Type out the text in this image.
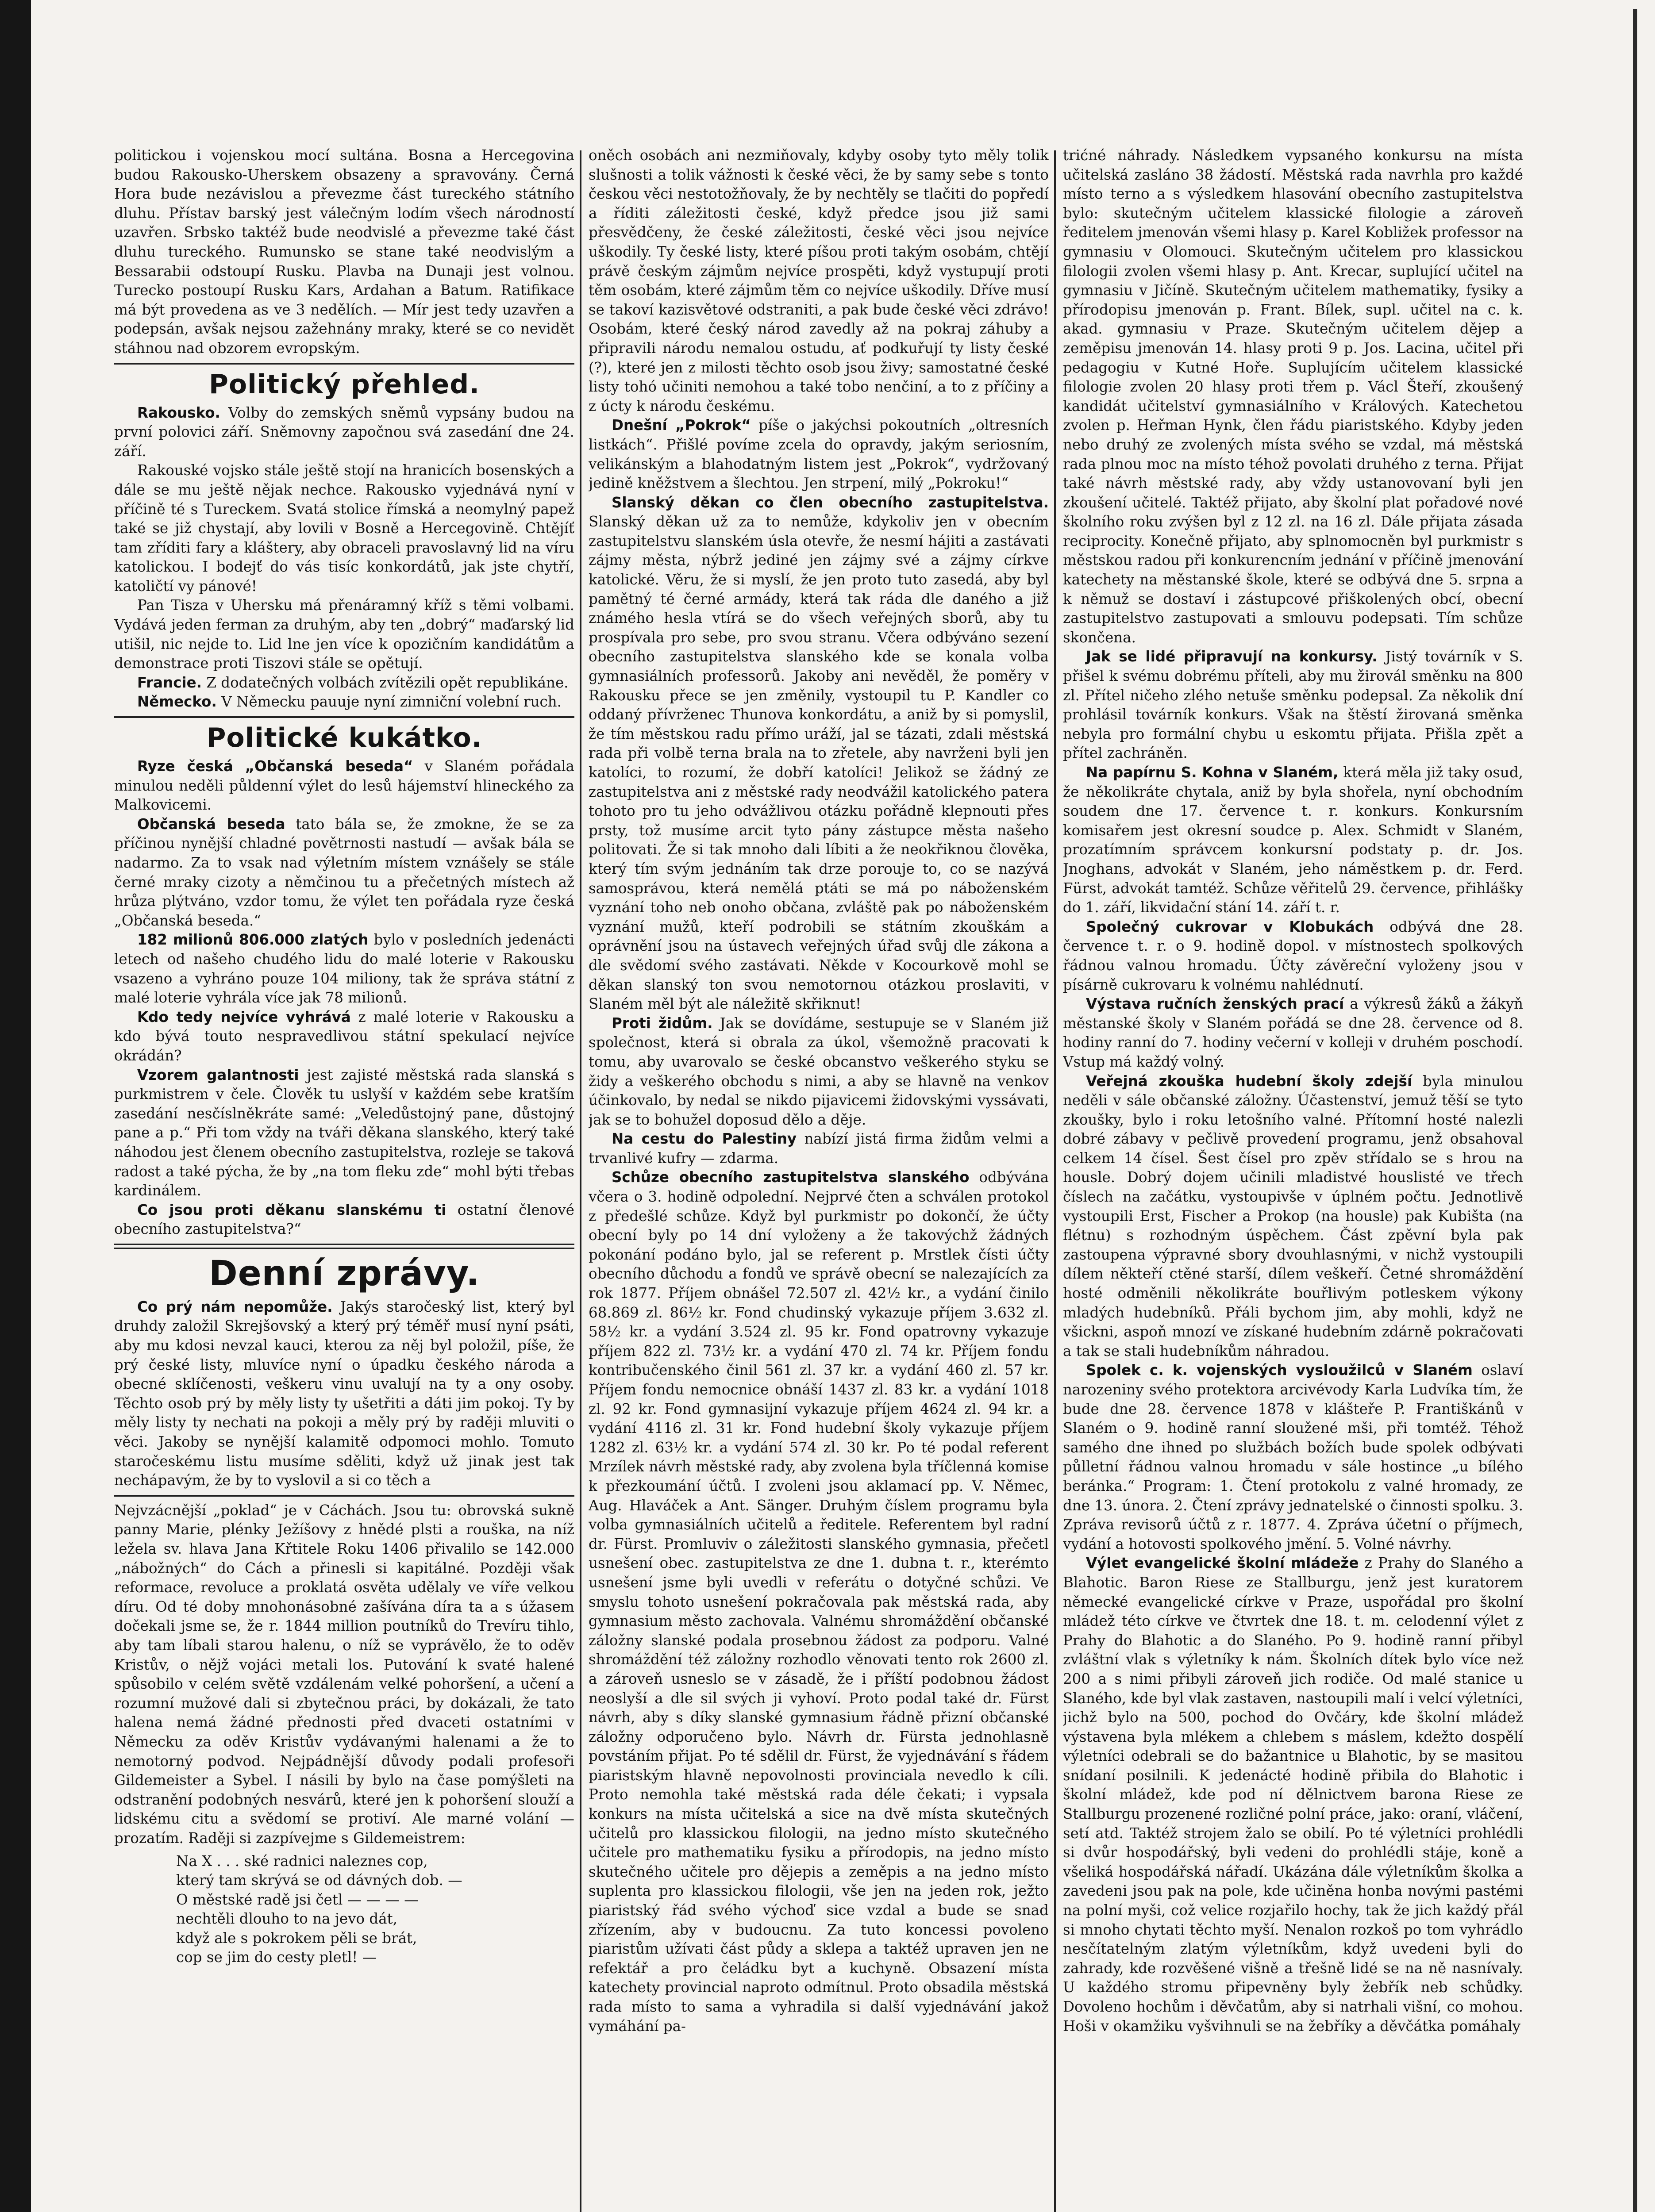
politickou i vojenskou mocí sultána. Bosna a Hercegovina budou Rakousko-Uherskem obsazeny a spravovány. Černá Hora bude nezávislou a převezme část tureckého státního dluhu. Přístav barský jest válečným lodím všech národností uzavřen. Srbsko taktéž bude neodvislé a převezme také část dluhu tureckého. Rumunsko se stane také neodvislým a Bessarabii odstoupí Rusku. Plavba na Dunaji jest volnou. Turecko postoupí Rusku Kars, Ardahan a Batum. Ratifikace má být provedena as ve 3 nedělích. — Mír jest tedy uzavřen a podepsán, avšak nejsou zažehnány mraky, které se co nevidět stáhnou nad obzorem evropským.

Politický přehled.

Rakousko. Volby do zemských sněmů vypsány budou na první polovici září. Sněmovny započnou svá zasedání dne 24. září.

Rakouské vojsko stále ještě stojí na hranicích bosenských a dále se mu ještě nějak nechce. Rakousko vyjednává nyní v příčině té s Tureckem. Svatá stolice římská a neomylný papež také se již chystají, aby lovili v Bosně a Hercegovině. Chtějíť tam zříditi fary a kláštery, aby obraceli pravoslavný lid na víru katolickou. I bodejť do vás tisíc konkordátů, jak jste chytří, katoličtí vy pánové!

Pan Tisza v Uhersku má přenáramný kříž s těmi volbami. Vydává jeden ferman za druhým, aby ten „dobrý“ maďarský lid utišil, nic nejde to. Lid lne jen více k opozičním kandidátům a demonstrace proti Tiszovi stále se opětují.

Francie. Z dodatečných volbách zvítězili opět republikáne.

Německo. V Německu pauuje nyní zimniční volební ruch.

Politické kukátko.

Ryze česká „Občanská beseda“ v Slaném pořádala minulou neděli půldenní výlet do lesů hájemství hlineckého za Malkovicemi.

Občanská beseda tato bála se, že zmokne, že se za příčinou nynější chladné povětrnosti nastudí — avšak bála se nadarmo. Za to vsak nad výletním místem vznášely se stále černé mraky cizoty a němčinou tu a přečetných místech až hrůza plýtváno, vzdor tomu, že výlet ten pořádala ryze česká „Občanská beseda.“

182 milionů 806.000 zlatých bylo v posledních jedenácti letech od našeho chudého lidu do malé loterie v Rakousku vsazeno a vyhráno pouze 104 miliony, tak že správa státní z malé loterie vyhrála více jak 78 milionů.

Kdo tedy nejvíce vyhrává z malé loterie v Rakousku a kdo bývá touto nespravedlivou státní spekulací nejvíce okrádán?

Vzorem galantnosti jest zajisté městská rada slanská s purkmistrem v čele. Člověk tu uslyší v každém sebe kratším zasedání nesčíslněkráte samé: „Veledůstojný pane, důstojný pane a p.“ Při tom vždy na tváři děkana slanského, který také náhodou jest členem obecního zastupitelstva, rozleje se taková radost a také pýcha, že by „na tom fleku zde“ mohl býti třebas kardinálem.

Co jsou proti děkanu slanskému ti ostatní členové obecního zastupitelstva?“

Denní zprávy.

Co prý nám nepomůže. Jakýs staročeský list, který byl druhdy založil Skrejšovský a který prý téměř musí nyní psáti, aby mu kdosi nevzal kauci, kterou za něj byl položil, píše, že prý české listy, mluvíce nyní o úpadku českého národa a obecné sklíčenosti, veškeru vinu uvalují na ty a ony osoby. Těchto osob prý by měly listy ty ušetřiti a dáti jim pokoj. Ty by měly listy ty nechati na pokoji a měly prý by raději mluviti o věci. Jakoby se nynější kalamitě odpomoci mohlo. Tomuto staročeskému listu musíme sděliti, když už jinak jest tak nechápavým, že by to vyslovil a si co těch a

Nejvzácnější „poklad“ je v Cáchách. Jsou tu: obrovská sukně panny Marie, plénky Ježíšovy z hnědé plsti a rouška, na níž ležela sv. hlava Jana Křtitele Roku 1406 přivalilo se 142.000 „nábožných“ do Cách a přinesli si kapitálné. Později však reformace, revoluce a proklatá osvěta udělaly ve víře velkou díru. Od té doby mnohonásobné zašívána díra ta a s úžasem dočekali jsme se, že r. 1844 million poutníků do Trevíru tihlo, aby tam líbali starou halenu, o níž se vyprávělo, že to oděv Kristův, o nějž vojáci metali los. Putování k svaté halené spůsobilo v celém světě vzdálenám velké pohoršení, a učení a rozumní mužové dali si zbytečnou práci, by dokázali, že tato halena nemá žádné přednosti před dvaceti ostatními v Německu za oděv Kristův vydávanými halenami a že to nemotorný podvod. Nejpádnější důvody podali profesoři Gildemeister a Sybel. I násili by bylo na čase pomýšleti na odstranění podobných nesvárů, které jen k pohoršení slouží a lidskému citu a svědomí se protiví. Ale marné volání — prozatím. Raději si zazpívejme s Gildemeistrem:

Na X . . . ské radnici naleznes cop,
který tam skrývá se od dávných dob. —
O městské radě jsi četl — — — —
nechtěli dlouho to na jevo dát,
když ale s pokrokem pěli se brát,
cop se jim do cesty pletl! —

oněch osobách ani nezmiňovaly, kdyby osoby tyto měly tolik slušnosti a tolik vážnosti k české věci, že by samy sebe s tonto českou věci nestotožňovaly, že by nechtěly se tlačiti do popředí a říditi záležitosti české, když předce jsou již sami přesvědčeny, že české záležitosti, české věci jsou nejvíce uškodily. Ty české listy, které píšou proti takým osobám, chtějí právě českým zájmům nejvíce prospěti, když vystupují proti těm osobám, které zájmům těm co nejvíce uškodily. Dříve musí se takoví kazisvětové odstraniti, a pak bude české věci zdrávo! Osobám, které český národ zavedly až na pokraj záhuby a připravili národu nemalou ostudu, ať podkuřují ty listy české (?), které jen z milosti těchto osob jsou živy; samostatné české listy tohó učiniti nemohou a také tobo nenčiní, a to z příčiny a z úcty k národu českému.

Dnešní „Pokrok“ píše o jakýchsi pokoutních „oltresních listkách“. Přišlé povíme zcela do opravdy, jakým seriosním, velikánským a blahodatným listem jest „Pokrok“, vydržovaný jedině kněžstvem a šlechtou. Jen strpení, milý „Pokroku!“

Slanský děkan co člen obecního zastupitelstva. Slanský děkan už za to nemůže, kdykoliv jen v obecním zastupitelstvu slanském úsla otevře, že nesmí hájiti a zastávati zájmy města, nýbrž jediné jen zájmy své a zájmy církve katolické. Věru, že si myslí, že jen proto tuto zasedá, aby byl pamětný té černé armády, která tak ráda dle daného a již známého hesla vtírá se do všech veřejných sborů, aby tu prospívala pro sebe, pro svou stranu. Včera odbýváno sezení obecního zastupitelstva slanského kde se konala volba gymnasiálních professorů. Jakoby ani nevěděl, že poměry v Rakousku přece se jen změnily, vystoupil tu P. Kandler co oddaný přívrženec Thunova konkordátu, a aniž by si pomyslil, že tím městskou radu přímo uráží, jal se tázati, zdali městská rada při volbě terna brala na to zřetele, aby navrženi byli jen katolíci, to rozumí, že dobří katolíci! Jelikož se žádný ze zastupitelstva ani z městské rady neodvážil katolického patera tohoto pro tu jeho odvážlivou otázku pořádně klepnouti přes prsty, tož musíme arcit tyto pány zástupce města našeho politovati. Že si tak mnoho dali líbiti a že neokřiknou člověka, který tím svým jednáním tak drze porouje to, co se nazývá samosprávou, která nemělá ptáti se má po náboženském vyznání toho neb onoho občana, zvláště pak po náboženském vyznání mužů, kteří podrobili se státním zkouškám a oprávnění jsou na ústavech veřejných úřad svůj dle zákona a dle svědomí svého zastávati. Někde v Kocourkově mohl se děkan slanský ton svou nemotornou otázkou proslaviti, v Slaném měl být ale náležitě skřiknut!

Proti židům. Jak se dovídáme, sestupuje se v Slaném již společnost, která si obrala za úkol, všemožně pracovati k tomu, aby uvarovalo se české obcanstvo veškerého styku se židy a veškerého obchodu s nimi, a aby se hlavně na venkov účinkovalo, by nedal se nikdo pijavicemi židovskými vyssávati, jak se to bohužel doposud dělo a děje.

Na cestu do Palestiny nabízí jistá firma židům velmi a trvanlivé kufry — zdarma.

Schůze obecního zastupitelstva slanského odbývána včera o 3. hodině odpolední. Nejprvé čten a schválen protokol z předešlé schůze. Když byl purkmistr po dokončí, že účty obecní byly po 14 dní vyloženy a že takovýchž žádných pokonání podáno bylo, jal se referent p. Mrstlek čísti účty obecního důchodu a fondů ve správě obecní se nalezajících za rok 1877. Příjem obnášel 72.507 zl. 42½ kr., a vydání činilo 68.869 zl. 86½ kr. Fond chudinský vykazuje příjem 3.632 zl. 58½ kr. a vydání 3.524 zl. 95 kr. Fond opatrovny vykazuje příjem 822 zl. 73½ kr. a vydání 470 zl. 74 kr. Příjem fondu kontribučenského činil 561 zl. 37 kr. a vydání 460 zl. 57 kr. Příjem fondu nemocnice obnáší 1437 zl. 83 kr. a vydání 1018 zl. 92 kr. Fond gymnasijní vykazuje příjem 4624 zl. 94 kr. a vydání 4116 zl. 31 kr. Fond hudební školy vykazuje příjem 1282 zl. 63½ kr. a vydání 574 zl. 30 kr. Po té podal referent Mrzílek návrh městské rady, aby zvolena byla tříčlenná komise k přezkoumání účtů. I zvoleni jsou aklamací pp. V. Němec, Aug. Hlaváček a Ant. Sänger. Druhým číslem programu byla volba gymnasiálních učitelů a ředitele. Referentem byl radní dr. Fürst. Promluviv o záležitosti slanského gymnasia, přečetl usnešení obec. zastupitelstva ze dne 1. dubna t. r., kterémto usnešení jsme byli uvedli v referátu o dotyčné schůzi. Ve smyslu tohoto usnešení pokračovala pak městská rada, aby gymnasium město zachovala. Valnému shromáždění občanské záložny slanské podala prosebnou žádost za podporu. Valné shromáždění též záložny rozhodlo věnovati tento rok 2600 zl. a zároveň usneslo se v zásadě, že i příští podobnou žádost neoslyší a dle sil svých ji vyhoví. Proto podal také dr. Fürst návrh, aby s díky slanské gymnasium řádně přizní občanské záložny odporučeno bylo. Návrh dr. Fürsta jednohlasně povstáním přijat. Po té sdělil dr. Fürst, že vyjednávání s řádem piaristským hlavně nepovolnosti provinciala nevedlo k cíli. Proto nemohla také městská rada déle čekati; i vypsala konkurs na místa učitelská a sice na dvě místa skutečných učitelů pro klassickou filologii, na jedno místo skutečného učitele pro mathematiku fysiku a přírodopis, na jedno místo skutečného učitele pro dějepis a zeměpis a na jedno místo suplenta pro klassickou filologii, vše jen na jeden rok, ježto piaristský řád svého výchoď sice vzdal a bude se snad zřízením, aby v budoucnu. Za tuto koncessi povoleno piaristům užívati část půdy a sklepa a taktéž upraven jen ne refektář a pro čeládku byt a kuchyně. Obsazení místa katechety provincial naproto odmítnul. Proto obsadila městská rada místo to sama a vyhradila si další vyjednávání jakož vymáhání pa-

trićné náhrady. Následkem vypsaného konkursu na místa učitelská zasláno 38 žádostí. Městská rada navrhla pro každé místo terno a s výsledkem hlasování obecního zastupitelstva bylo: skutečným učitelem klassické filologie a zároveň ředitelem jmenován všemi hlasy p. Karel Kobližek professor na gymnasiu v Olomouci. Skutečným učitelem pro klassickou filologii zvolen všemi hlasy p. Ant. Krecar, suplující učitel na gymnasiu v Jičíně. Skutečným učitelem mathematiky, fysiky a přírodopisu jmenován p. Frant. Bílek, supl. učitel na c. k. akad. gymnasiu v Praze. Skutečným učitelem dějep a zeměpisu jmenován 14. hlasy proti 9 p. Jos. Lacina, učitel při pedagogiu v Kutné Hoře. Suplujícím učitelem klassické filologie zvolen 20 hlasy proti třem p. Václ Šteří, zkoušený kandidát učitelství gymnasiálního v Králových. Katechetou zvolen p. Heřman Hynk, člen řádu piaristského. Kdyby jeden nebo druhý ze zvolených místa svého se vzdal, má městská rada plnou moc na místo téhož povolati druhého z terna. Přijat také návrh městské rady, aby vždy ustanovovaní byli jen zkoušení učitelé. Taktéž přijato, aby školní plat pořadové nové školního roku zvýšen byl z 12 zl. na 16 zl. Dále přijata zásada reciprocity. Konečně přijato, aby splnomocněn byl purkmistr s městskou radou při konkurencním jednání v příčině jmenování katechety na městanské škole, které se odbývá dne 5. srpna a k němuž se dostaví i zástupcové přiškolených obcí, obecní zastupitelstvo zastupovati a smlouvu podepsati. Tím schůze skončena.

Jak se lidé připravují na konkursy. Jistý továrník v S. přišel k svému dobrému příteli, aby mu žirovál směnku na 800 zl. Přítel ničeho zlého netuše směnku podepsal. Za několik dní prohlásil továrník konkurs. Však na štěstí žirovaná směnka nebyla pro formální chybu u eskomtu přijata. Přišla zpět a přítel zachráněn.

Na papírnu S. Kohna v Slaném, která měla již taky osud, že několikráte chytala, aniž by byla shořela, nyní obchodním soudem dne 17. července t. r. konkurs. Konkursním komisařem jest okresní soudce p. Alex. Schmidt v Slaném, prozatímním správcem konkursní podstaty p. dr. Jos. Jnoghans, advokát v Slaném, jeho náměstkem p. dr. Ferd. Fürst, advokát tamtéž. Schůze věřitelů 29. července, přihlášky do 1. září, likvidační stání 14. září t. r.

Společný cukrovar v Klobukách odbývá dne 28. července t. r. o 9. hodině dopol. v místnostech spolkových řádnou valnou hromadu. Účty závěreční vyloženy jsou v písárně cukrovaru k volnému nahlédnutí.

Výstava ručních ženských prací a výkresů žáků a žákyň městanské školy v Slaném pořádá se dne 28. července od 8. hodiny ranní do 7. hodiny večerní v kolleji v druhém poschodí. Vstup má každý volný.

Veřejná zkouška hudební školy zdejší byla minulou neděli v sále občanské záložny. Účastenství, jemuž těší se tyto zkoušky, bylo i roku letošního valné. Přítomní hosté nalezli dobré zábavy v pečlivě provedení programu, jenž obsahoval celkem 14 čísel. Šest čísel pro zpěv střídalo se s hrou na housle. Dobrý dojem učinili mladistvé houslisté ve třech číslech na začátku, vystoupivše v úplném počtu. Jednotlivě vystoupili Erst, Fischer a Prokop (na housle) pak Kubišta (na flétnu) s rozhodným úspěchem. Část zpěvní byla pak zastoupena výpravné sbory dvouhlasnými, v nichž vystoupili dílem někteří ctěné starší, dílem veškeří. Četné shromáždění hosté odměnili několikráte bouřlivým potleskem výkony mladých hudebníků. Přáli bychom jim, aby mohli, když ne všickni, aspoň mnozí ve získané hudebním zdárně pokračovati a tak se stali hudebníkům náhradou.

Spolek c. k. vojenských vysloužilců v Slaném oslaví narozeniny svého protektora arcivévody Karla Ludvíka tím, že bude dne 28. července 1878 v klášteře P. Františkánů v Slaném o 9. hodině ranní sloužené mši, při tomtéž. Téhož samého dne ihned po službách božích bude spolek odbývati půlletní řádnou valnou hromadu v sále hostince „u bílého beránka.“ Program: 1. Čtení protokolu z valné hromady, ze dne 13. února. 2. Čtení zprávy jednatelské o činnosti spolku. 3. Zpráva revisorů účtů z r. 1877. 4. Zpráva účetní o příjmech, vydání a hotovosti spolkového jmění. 5. Volné návrhy.

Výlet evangelické školní mládeže z Prahy do Slaného a Blahotic. Baron Riese ze Stallburgu, jenž jest kuratorem německé evangelické církve v Praze, uspořádal pro školní mládež této církve ve čtvrtek dne 18. t. m. celodenní výlet z Prahy do Blahotic a do Slaného. Po 9. hodině ranní přibyl zvláštní vlak s výletníky k nám. Školních dítek bylo více než 200 a s nimi přibyli zároveň jich rodiče. Od malé stanice u Slaného, kde byl vlak zastaven, nastoupili malí i velcí výletníci, jichž bylo na 500, pochod do Ovčáry, kde školní mládež výstavena byla mlékem a chlebem s máslem, kdežto dospělí výletníci odebrali se do bažantnice u Blahotic, by se masitou snídaní posilnili. K jedenácté hodině přibila do Blahotic i školní mládež, kde pod ní dělnictvem barona Riese ze Stallburgu prozenené rozličné polní práce, jako: oraní, vláčení, setí atd. Taktéž strojem žalo se obilí. Po té výletníci prohlédli si dvůr hospodářský, byli vedeni do prohlédli stáje, koně a všeliká hospodářská nářadí. Ukázána dále výletníkům školka a zavedeni jsou pak na pole, kde učiněna honba novými pastémi na polní myši, což velice rozjařilo hochy, tak že jich každý přál si mnoho chytati těchto myší. Nenalon rozkoš po tom vyhrádlo nesčítatelným zlatým výletníkům, když uvedeni byli do zahrady, kde rozvěšené višně a třešně lidé se na ně nasnívaly. U každého stromu připevněny byly žebřík neb schůdky. Dovoleno hochům i děvčatům, aby si natrhali višní, co mohou. Hoši v okamžiku vyšvihnuli se na žebříky a děvčátka pomáhaly
